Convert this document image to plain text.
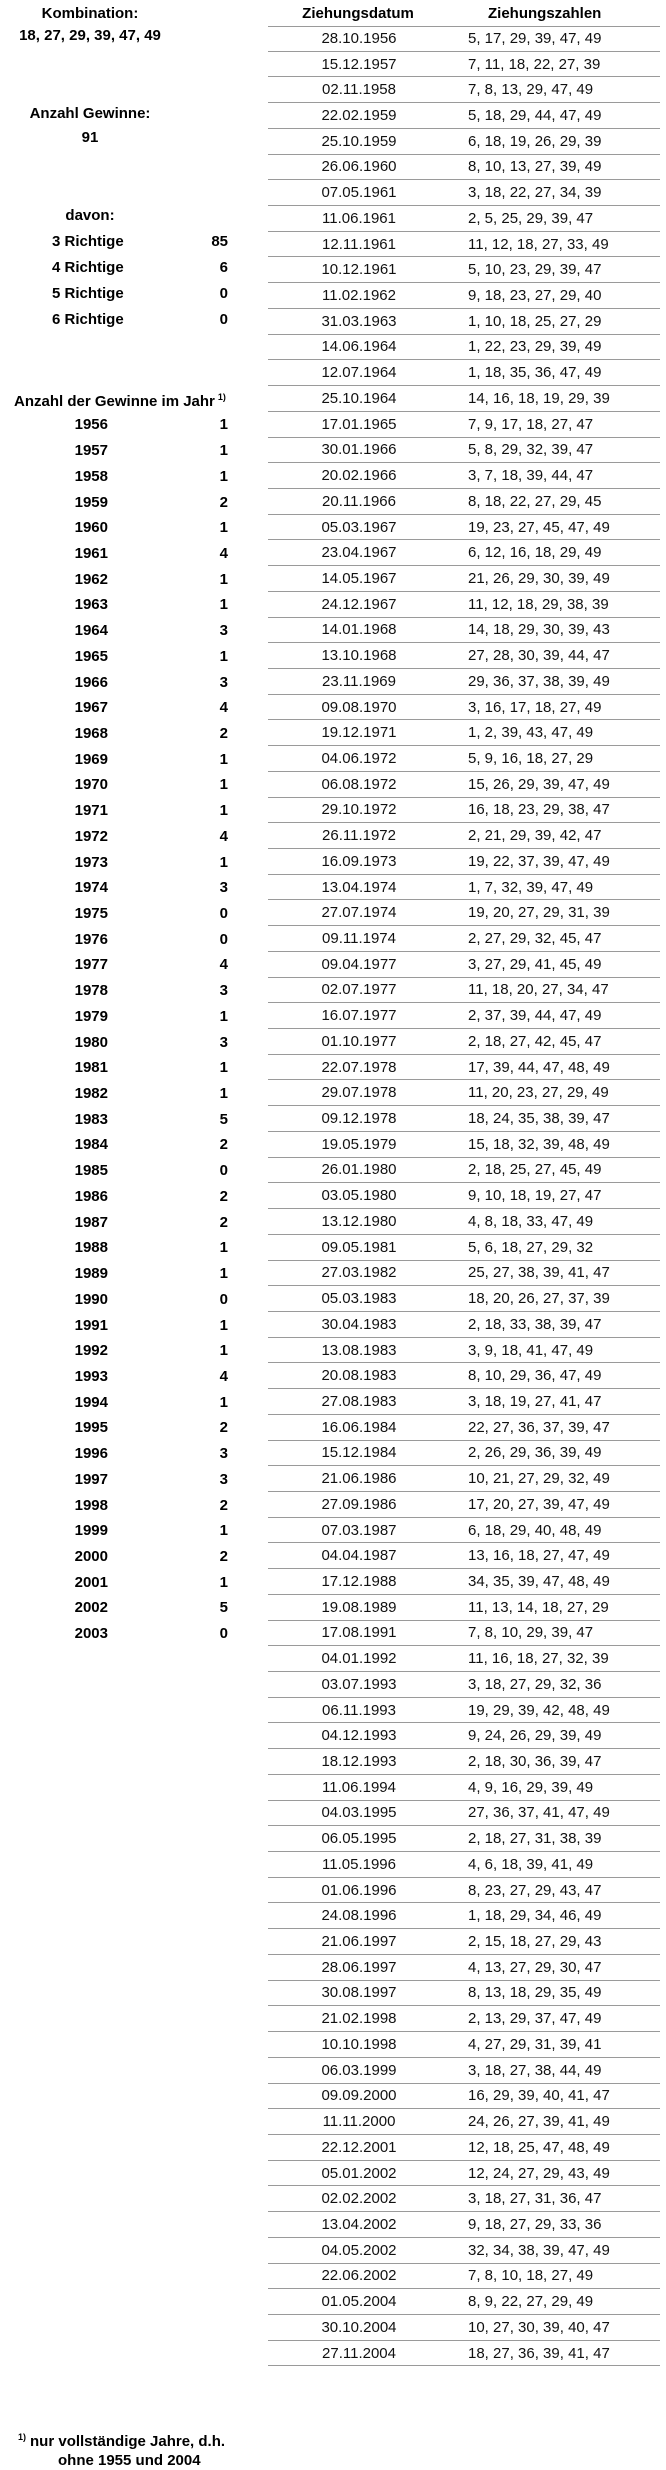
Kombination:
18, 27, 29, 39, 47, 49
Anzahl Gewinne:
91
davon:
3 Richtige	85
4 Richtige	6
5 Richtige	0
6 Richtige	0
Anzahl der Gewinne im Jahr $^{1)}$
1956	1
1957	1
1958	1
1959	2
1960	1
1961	4
1962	1
1963	1
1964	3
1965	1
1966	3
1967	4
1968	2
1969	1
1970	1
1971	1
1972	4
1973	1
1974	3
1975	0
1976	0
1977	4
1978	3
1979	1
1980	3
1981	1
1982	1
1983	5
1984	2
1985	0
1986	2
1987	2
1988	1
1989	1
1990	0
1991	1
1992	1
1993	4
1994	1
1995	2
1996	3
1997	3
1998	2
1999	1
2000	2
2001	1
2002	5
2003	0
Ziehungsdatum	Ziehungszahlen
28.10.1956	5, 17, 29, 39, 47, 49
15.12.1957	7, 11, 18, 22, 27, 39
02.11.1958	7, 8, 13, 29, 47, 49
22.02.1959	5, 18, 29, 44, 47, 49
25.10.1959	6, 18, 19, 26, 29, 39
26.06.1960	8, 10, 13, 27, 39, 49
07.05.1961	3, 18, 22, 27, 34, 39
11.06.1961	2, 5, 25, 29, 39, 47
12.11.1961	11, 12, 18, 27, 33, 49
10.12.1961	5, 10, 23, 29, 39, 47
11.02.1962	9, 18, 23, 27, 29, 40
31.03.1963	1, 10, 18, 25, 27, 29
14.06.1964	1, 22, 23, 29, 39, 49
12.07.1964	1, 18, 35, 36, 47, 49
25.10.1964	14, 16, 18, 19, 29, 39
17.01.1965	7, 9, 17, 18, 27, 47
30.01.1966	5, 8, 29, 32, 39, 47
20.02.1966	3, 7, 18, 39, 44, 47
20.11.1966	8, 18, 22, 27, 29, 45
05.03.1967	19, 23, 27, 45, 47, 49
23.04.1967	6, 12, 16, 18, 29, 49
14.05.1967	21, 26, 29, 30, 39, 49
24.12.1967	11, 12, 18, 29, 38, 39
14.01.1968	14, 18, 29, 30, 39, 43
13.10.1968	27, 28, 30, 39, 44, 47
23.11.1969	29, 36, 37, 38, 39, 49
09.08.1970	3, 16, 17, 18, 27, 49
19.12.1971	1, 2, 39, 43, 47, 49
04.06.1972	5, 9, 16, 18, 27, 29
06.08.1972	15, 26, 29, 39, 47, 49
29.10.1972	16, 18, 23, 29, 38, 47
26.11.1972	2, 21, 29, 39, 42, 47
16.09.1973	19, 22, 37, 39, 47, 49
13.04.1974	1, 7, 32, 39, 47, 49
27.07.1974	19, 20, 27, 29, 31, 39
09.11.1974	2, 27, 29, 32, 45, 47
09.04.1977	3, 27, 29, 41, 45, 49
02.07.1977	11, 18, 20, 27, 34, 47
16.07.1977	2, 37, 39, 44, 47, 49
01.10.1977	2, 18, 27, 42, 45, 47
22.07.1978	17, 39, 44, 47, 48, 49
29.07.1978	11, 20, 23, 27, 29, 49
09.12.1978	18, 24, 35, 38, 39, 47
19.05.1979	15, 18, 32, 39, 48, 49
26.01.1980	2, 18, 25, 27, 45, 49
03.05.1980	9, 10, 18, 19, 27, 47
13.12.1980	4, 8, 18, 33, 47, 49
09.05.1981	5, 6, 18, 27, 29, 32
27.03.1982	25, 27, 38, 39, 41, 47
05.03.1983	18, 20, 26, 27, 37, 39
30.04.1983	2, 18, 33, 38, 39, 47
13.08.1983	3, 9, 18, 41, 47, 49
20.08.1983	8, 10, 29, 36, 47, 49
27.08.1983	3, 18, 19, 27, 41, 47
16.06.1984	22, 27, 36, 37, 39, 47
15.12.1984	2, 26, 29, 36, 39, 49
21.06.1986	10, 21, 27, 29, 32, 49
27.09.1986	17, 20, 27, 39, 47, 49
07.03.1987	6, 18, 29, 40, 48, 49
04.04.1987	13, 16, 18, 27, 47, 49
17.12.1988	34, 35, 39, 47, 48, 49
19.08.1989	11, 13, 14, 18, 27, 29
17.08.1991	7, 8, 10, 29, 39, 47
04.01.1992	11, 16, 18, 27, 32, 39
03.07.1993	3, 18, 27, 29, 32, 36
06.11.1993	19, 29, 39, 42, 48, 49
04.12.1993	9, 24, 26, 29, 39, 49
18.12.1993	2, 18, 30, 36, 39, 47
11.06.1994	4, 9, 16, 29, 39, 49
04.03.1995	27, 36, 37, 41, 47, 49
06.05.1995	2, 18, 27, 31, 38, 39
11.05.1996	4, 6, 18, 39, 41, 49
01.06.1996	8, 23, 27, 29, 43, 47
24.08.1996	1, 18, 29, 34, 46, 49
21.06.1997	2, 15, 18, 27, 29, 43
28.06.1997	4, 13, 27, 29, 30, 47
30.08.1997	8, 13, 18, 29, 35, 49
21.02.1998	2, 13, 29, 37, 47, 49
10.10.1998	4, 27, 29, 31, 39, 41
06.03.1999	3, 18, 27, 38, 44, 49
09.09.2000	16, 29, 39, 40, 41, 47
11.11.2000	24, 26, 27, 39, 41, 49
22.12.2001	12, 18, 25, 47, 48, 49
05.01.2002	12, 24, 27, 29, 43, 49
02.02.2002	3, 18, 27, 31, 36, 47
13.04.2002	9, 18, 27, 29, 33, 36
04.05.2002	32, 34, 38, 39, 47, 49
22.06.2002	7, 8, 10, 18, 27, 49
01.05.2004	8, 9, 22, 27, 29, 49
30.10.2004	10, 27, 30, 39, 40, 47
27.11.2004	18, 27, 36, 39, 41, 47
$^{1)}$ nur vollständige Jahre, d.h.
ohne 1955 und 2004
